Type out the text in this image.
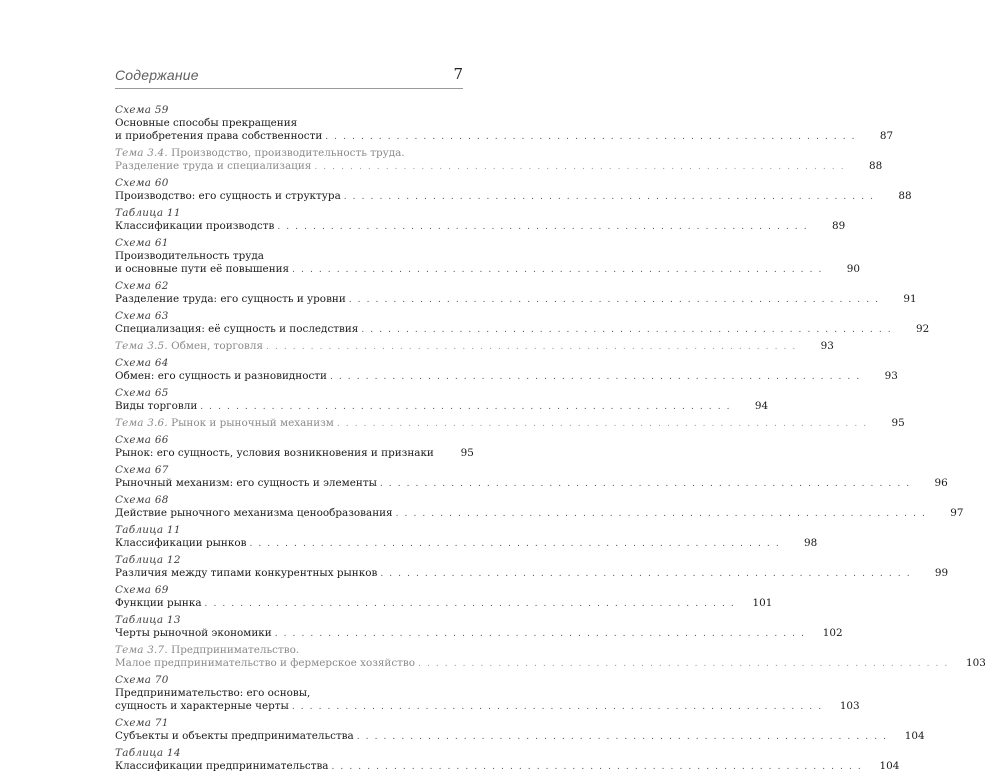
Содержание	7
Схема 59
Основные способы прекращения
и приобретения права собственности . . . . . . . . . . . . . . . . . . . . . . . . . . . . . . . . . . . . . . . . . . . . . . . . . . . . . . . . . . . .	87
Тема 3.4. Производство, производительность труда.
Разделение труда и специализация . . . . . . . . . . . . . . . . . . . . . . . . . . . . . . . . . . . . . . . . . . . . . . . . . . . . . . . . . . . .	88
Схема 60
Производство: его сущность и структура . . . . . . . . . . . . . . . . . . . . . . . . . . . . . . . . . . . . . . . . . . . . . . . . . . . . . . . . . . . .	88
Таблица 11
Классификации производств . . . . . . . . . . . . . . . . . . . . . . . . . . . . . . . . . . . . . . . . . . . . . . . . . . . . . . . . . . . .	89
Схема 61
Производительность труда
и основные пути её повышения . . . . . . . . . . . . . . . . . . . . . . . . . . . . . . . . . . . . . . . . . . . . . . . . . . . . . . . . . . . .	90
Схема 62
Разделение труда: его сущность и уровни . . . . . . . . . . . . . . . . . . . . . . . . . . . . . . . . . . . . . . . . . . . . . . . . . . . . . . . . . . . .	91
Схема 63
Специализация: её сущность и последствия . . . . . . . . . . . . . . . . . . . . . . . . . . . . . . . . . . . . . . . . . . . . . . . . . . . . . . . . . . . .	92
Тема 3.5. Обмен, торговля . . . . . . . . . . . . . . . . . . . . . . . . . . . . . . . . . . . . . . . . . . . . . . . . . . . . . . . . . . . .	93
Схема 64
Обмен: его сущность и разновидности . . . . . . . . . . . . . . . . . . . . . . . . . . . . . . . . . . . . . . . . . . . . . . . . . . . . . . . . . . . .	93
Схема 65
Виды торговли . . . . . . . . . . . . . . . . . . . . . . . . . . . . . . . . . . . . . . . . . . . . . . . . . . . . . . . . . . . .	94
Тема 3.6. Рынок и рыночный механизм . . . . . . . . . . . . . . . . . . . . . . . . . . . . . . . . . . . . . . . . . . . . . . . . . . . . . . . . . . . .	95
Схема 66
Рынок: его сущность, условия возникновения и признаки	95
Схема 67
Рыночный механизм: его сущность и элементы . . . . . . . . . . . . . . . . . . . . . . . . . . . . . . . . . . . . . . . . . . . . . . . . . . . . . . . . . . . .	96
Схема 68
Действие рыночного механизма ценообразования . . . . . . . . . . . . . . . . . . . . . . . . . . . . . . . . . . . . . . . . . . . . . . . . . . . . . . . . . . . .	97
Таблица 11
Классификации рынков . . . . . . . . . . . . . . . . . . . . . . . . . . . . . . . . . . . . . . . . . . . . . . . . . . . . . . . . . . . .	98
Таблица 12
Различия между типами конкурентных рынков . . . . . . . . . . . . . . . . . . . . . . . . . . . . . . . . . . . . . . . . . . . . . . . . . . . . . . . . . . . .	99
Схема 69
Функции рынка . . . . . . . . . . . . . . . . . . . . . . . . . . . . . . . . . . . . . . . . . . . . . . . . . . . . . . . . . . . .	101
Таблица 13
Черты рыночной экономики . . . . . . . . . . . . . . . . . . . . . . . . . . . . . . . . . . . . . . . . . . . . . . . . . . . . . . . . . . . .	102
Тема 3.7. Предпринимательство.
Малое предпринимательство и фермерское хозяйство . . . . . . . . . . . . . . . . . . . . . . . . . . . . . . . . . . . . . . . . . . . . . . . . . . . . . . . . . . . .	103
Схема 70
Предпринимательство: его основы,
сущность и характерные черты . . . . . . . . . . . . . . . . . . . . . . . . . . . . . . . . . . . . . . . . . . . . . . . . . . . . . . . . . . . .	103
Схема 71
Субъекты и объекты предпринимательства . . . . . . . . . . . . . . . . . . . . . . . . . . . . . . . . . . . . . . . . . . . . . . . . . . . . . . . . . . . .	104
Таблица 14
Классификации предпринимательства . . . . . . . . . . . . . . . . . . . . . . . . . . . . . . . . . . . . . . . . . . . . . . . . . . . . . . . . . . . .	104
